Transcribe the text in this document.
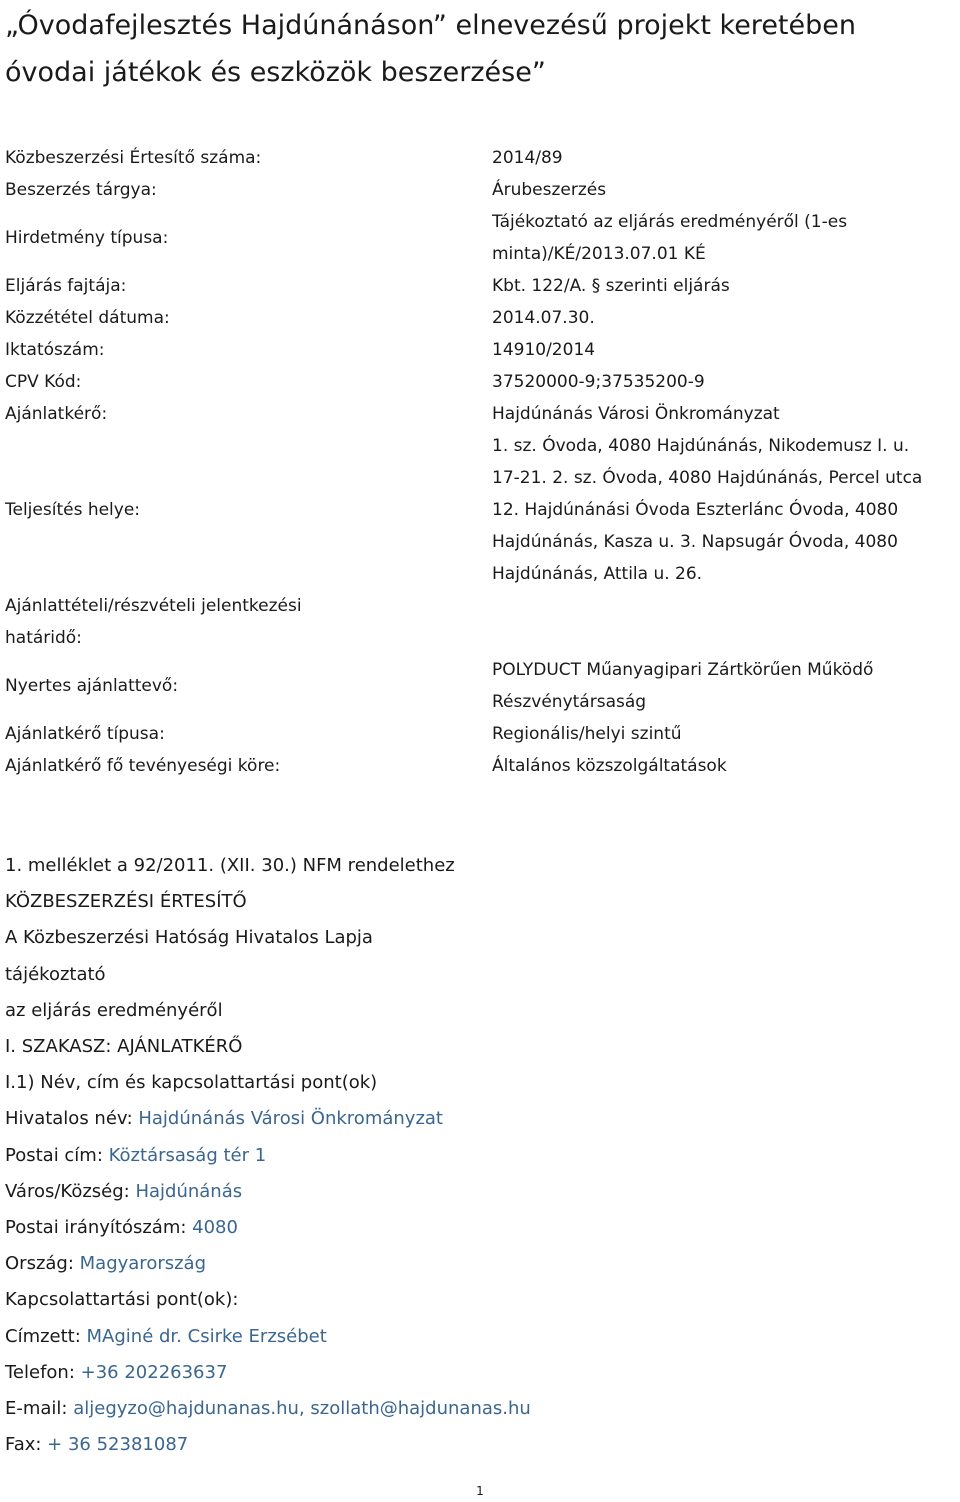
„Óvodafejlesztés Hajdúnánáson” elnevezésű projekt keretében óvodai játékok és eszközök beszerzése”
Közbeszerzési Értesítő száma:	2014/89
Beszerzés tárgya:	Árubeszerzés
Hirdetmény típusa:	Tájékoztató az eljárás eredményéről (1-es
minta)/KÉ/2013.07.01 KÉ
Eljárás fajtája:	Kbt. 122/A. § szerinti eljárás
Közzététel dátuma:	2014.07.30.
Iktatószám:	14910/2014
CPV Kód:	37520000-9;37535200-9
Ajánlatkérő:	Hajdúnánás Városi Önkrományzat
Teljesítés helye:	1. sz. Óvoda, 4080 Hajdúnánás, Nikodemusz I. u.
17-21. 2. sz. Óvoda, 4080 Hajdúnánás, Percel utca
12. Hajdúnánási Óvoda Eszterlánc Óvoda, 4080
Hajdúnánás, Kasza u. 3. Napsugár Óvoda, 4080
Hajdúnánás, Attila u. 26.
Ajánlattételi/részvételi jelentkezési
határidő:	
Nyertes ajánlattevő:	POLYDUCT Műanyagipari Zártkörűen Működő
Részvénytársaság
Ajánlatkérő típusa:	Regionális/helyi szintű
Ajánlatkérő fő tevényeségi köre:	Általános közszolgáltatások
1. melléklet a 92/2011. (XII. 30.) NFM rendelethez
KÖZBESZERZÉSI ÉRTESÍTŐ
A Közbeszerzési Hatóság Hivatalos Lapja
tájékoztató
az eljárás eredményéről
I. SZAKASZ: AJÁNLATKÉRŐ
I.1) Név, cím és kapcsolattartási pont(ok)
Hivatalos név: Hajdúnánás Városi Önkrományzat
Postai cím: Köztársaság tér 1
Város/Község: Hajdúnánás
Postai irányítószám: 4080
Ország: Magyarország
Kapcsolattartási pont(ok):
Címzett: MAginé dr. Csirke Erzsébet
Telefon: +36 202263637
E-mail: aljegyzo@hajdunanas.hu, szollath@hajdunanas.hu
Fax: + 36 52381087
1
